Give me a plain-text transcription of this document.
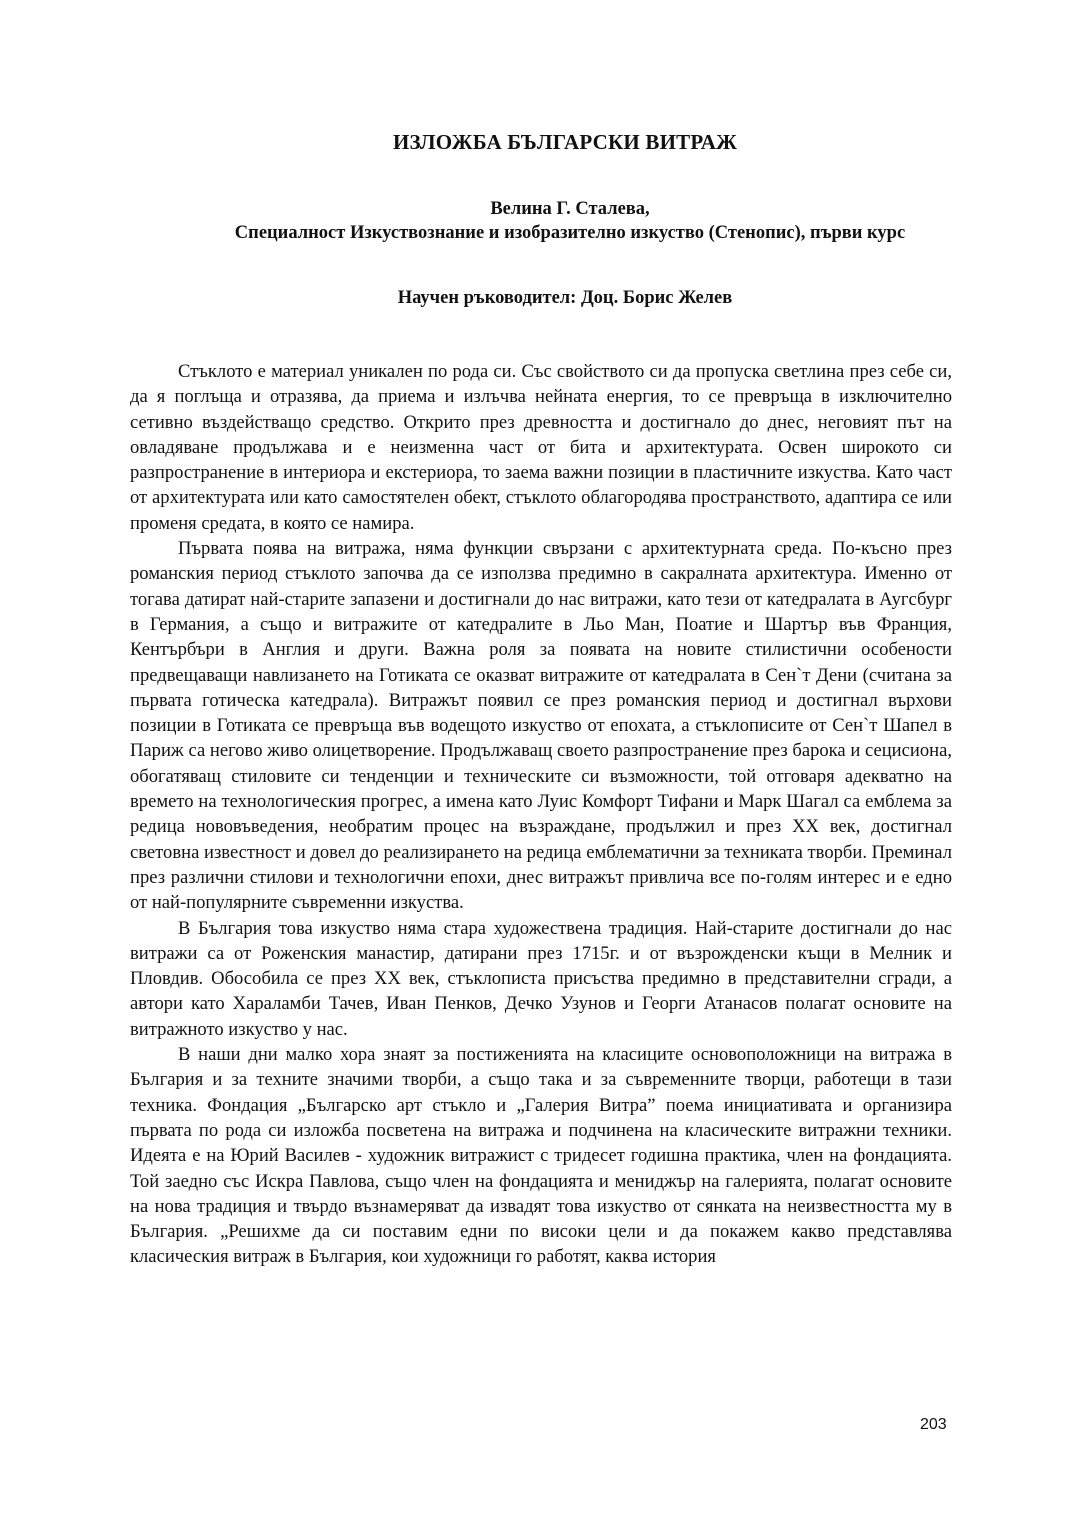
ИЗЛОЖБА БЪЛГАРСКИ ВИТРАЖ
Велина Г. Сталева,
Специалност Изкуствознание и изобразително изкуство (Стенопис), първи курс
Научен ръководител: Доц. Борис Желев

Стъклото е материал уникален по рода си. Със свойството си да пропуска светлина през себе си, да я поглъща и отразява, да приема и излъчва нейната енергия, то се превръща в изключително сетивно въздействащо средство. Открито през древността и достигнало до днес, неговият път на овладяване продължава и е неизменна част от бита и архитектурата. Освен широкото си разпространение в интериора и екстериора, то заема важни позиции в пластичните изкуства. Като част от архитектурата или като самостятелен обект, стъклото облагородява пространството, адаптира се или променя средата, в която се намира.

Първата поява на витража, няма функции свързани с архитектурната среда. По-късно през романския период стъклото започва да се използва предимно в сакралната архитектура. Именно от тогава датират най-старите запазени и достигнали до нас витражи, като тези от катедралата в Аугсбург в Германия, а също и витражите от катедралите в Льо Ман, Поатие и Шартър във Франция, Кентърбъри в Англия и други. Важна роля за появата на новите стилистични особености предвещаващи навлизането на Готиката се оказват витражите от катедралата в Сен`т Дени (считана за първата готическа катедрала). Витражът появил се през романския период и достигнал върхови позиции в Готиката се превръща във водещото изкуство от епохата, а стъклописите от Сен`т Шапел в Париж са негово живо олицетворение. Продължаващ своето разпространение през барока и сецисиона, обогатяващ стиловите си тенденции и техническите си възможности, той отговаря адекватно на времето на технологическия прогрес, а имена като Луис Комфорт Тифани и Марк Шагал са емблема за редица нововъведения, необратим процес на възраждане, продължил и през XX век, достигнал световна известност и довел до реализирането на редица емблематични за техниката творби. Преминал през различни стилови и технологични епохи, днес витражът привлича все по-голям интерес и е едно от най-популярните съвременни изкуства.

В България това изкуство няма стара художествена традиция. Най-старите достигнали до нас витражи са от Роженския манастир, датирани през 1715г. и от възрожденски къщи в Мелник и Пловдив. Обособила се през XX век, стъклописта присъства предимно в представителни сгради, а автори като Хараламби Тачев, Иван Пенков, Дечко Узунов и Георги Атанасов полагат основите на витражното изкуство у нас.

В наши дни малко хора знаят за постиженията на класиците основоположници на витража в България и за техните значими творби, а също така и за съвременните творци, работещи в тази техника. Фондация „Българско арт стъкло и „Галерия Витра” поема инициативата и организира първата по рода си изложба посветена на витража и подчинена на класическите витражни техники. Идеята е на Юрий Василев - художник витражист с тридесет годишна практика, член на фондацията. Той заедно със Искра Павлова, също член на фондацията и мениджър на галерията, полагат основите на нова традиция и твърдо възнамеряват да извадят това изкуство от сянката на неизвестността му в България. „Решихме да си поставим едни по високи цели и да покажем какво представлява класическия витраж в България, кои художници го работят, каква история

203
